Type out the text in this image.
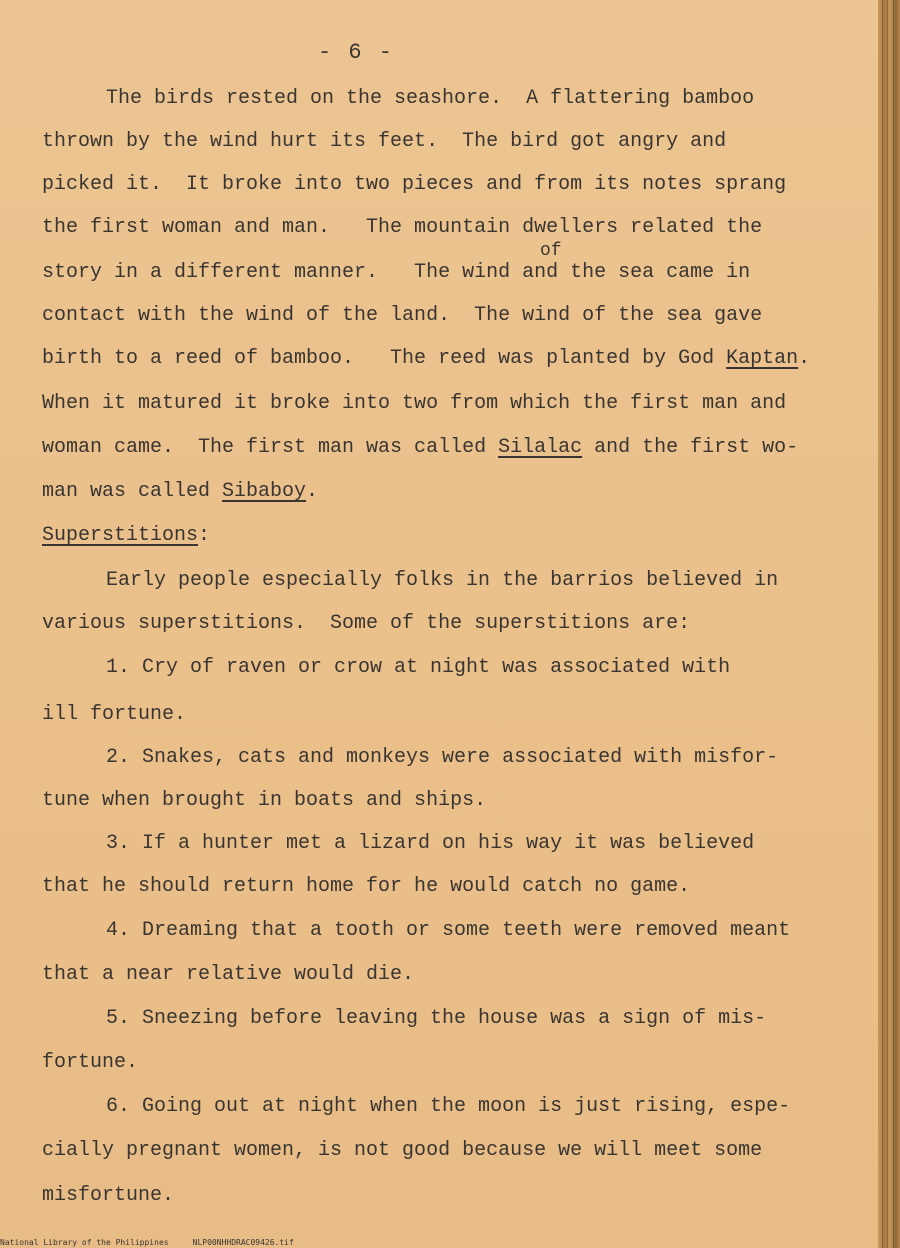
- 6 -
The birds rested on the seashore.  A flattering bamboo
thrown by the wind hurt its feet.  The bird got angry and
picked it.  It broke into two pieces and from its notes sprang
the first woman and man.   The mountain dwellers related the
of
story in a different manner.   The wind and the sea came in
contact with the wind of the land.  The wind of the sea gave
birth to a reed of bamboo.   The reed was planted by God Kaptan.
When it matured it broke into two from which the first man and
woman came.  The first man was called Silalac and the first wo-
man was called Sibaboy.
Superstitions:
Early people especially folks in the barrios believed in
various superstitions.  Some of the superstitions are:
1. Cry of raven or crow at night was associated with
ill fortune.
2. Snakes, cats and monkeys were associated with misfor-
tune when brought in boats and ships.
3. If a hunter met a lizard on his way it was believed
that he should return home for he would catch no game.
4. Dreaming that a tooth or some teeth were removed meant
that a near relative would die.
5. Sneezing before leaving the house was a sign of mis-
fortune.
6. Going out at night when the moon is just rising, espe-
cially pregnant women, is not good because we will meet some
misfortune.
National Library of the Philippines     NLP00NHHDRAC09426.tif
